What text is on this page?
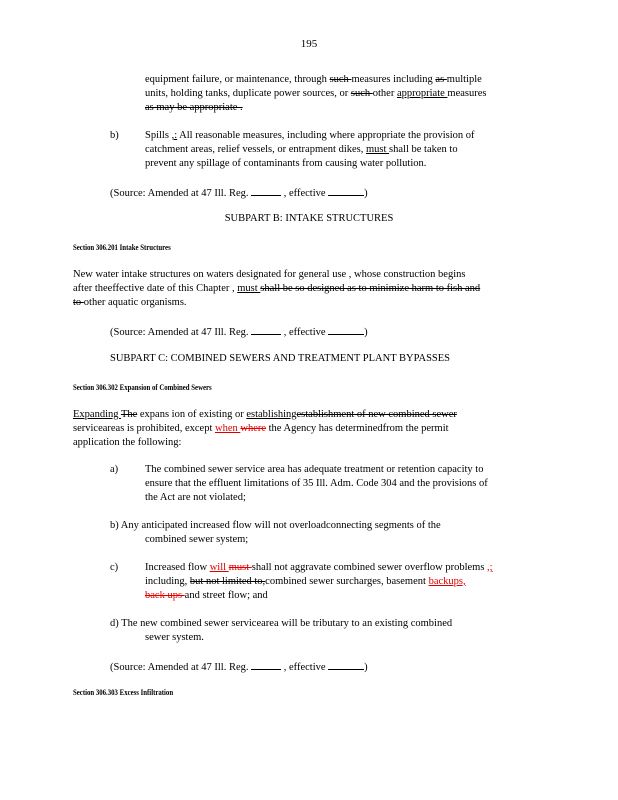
195
equipment failure, or maintenance, through such measures including as multiple
units, holding tanks, duplicate power sources, or such other appropriate measures
as may be appropriate .
b)	Spills ,: All reasonable measures, including where appropriate the provision of
catchment areas, relief vessels, or entrapment dikes, must shall be taken to
prevent any spillage of contaminants from causing water pollution.
(Source: Amended at 47 Ill. Reg.	, effective	)
SUBPART B: INTAKE STRUCTURES
Section 306.201 Intake Structures
New water intake structures on waters designated for general use , whose construction begins
after theeffective date of this Chapter , must shall be so designed as to minimize harm to fish and
to other aquatic organisms.
(Source: Amended at 47 Ill. Reg.	, effective	)
SUBPART C: COMBINED SEWERS AND TREATMENT PLANT BYPASSES
Section 306.302 Expansion of Combined Sewers
Expanding The expans ion of existing or establishingestablishment of new combined sewer
serviceareas is prohibited, except when where the Agency has determinedfrom the permit
application the following:
a)	The combined sewer service area has adequate treatment or retention capacity to
ensure that the effluent limitations of 35 Ill. Adm. Code 304 and the provisions of
the Act are not violated;
b) Any anticipated increased flow will not overloadconnecting segments of the
combined sewer system;
c)	Increased flow will must shall not aggravate combined sewer overflow problems ,;
including, but not limited to,combined sewer surcharges, basement backups,
back ups and street flow; and
d) The new combined sewer servicearea will be tributary to an existing combined
sewer system.
(Source: Amended at 47 Ill. Reg.	, effective	)
Section 306.303 Excess Infiltration
